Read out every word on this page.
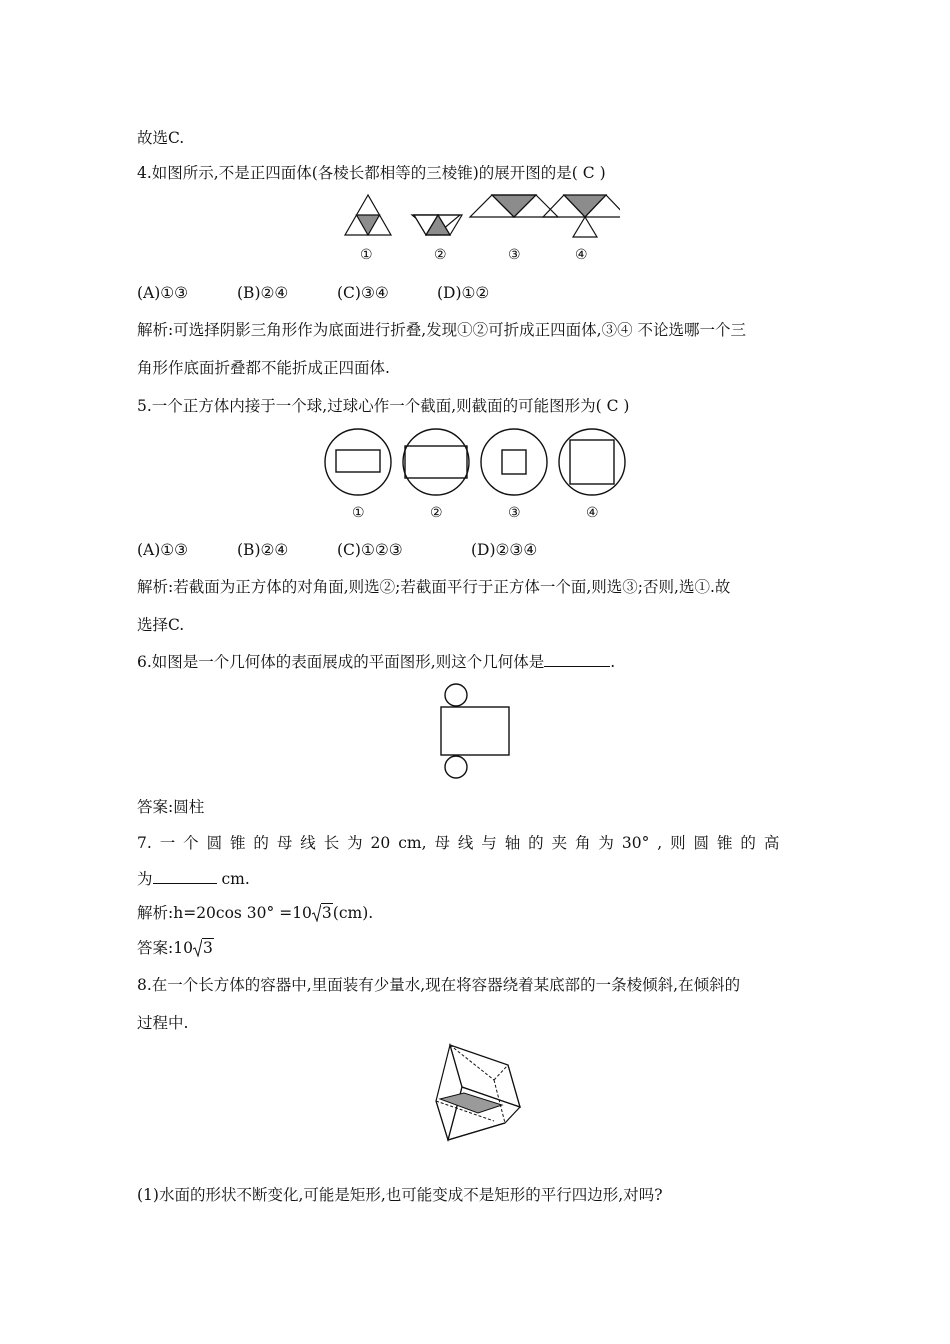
故选C.
4.如图所示,不是正四面体(各棱长都相等的三棱锥)的展开图的是( C )
①	②	③	④
(A)①③	(B)②④	(C)③④	(D)①②
解析:可选择阴影三角形作为底面进行折叠,发现①②可折成正四面体,③④ 不论选哪一个三
角形作底面折叠都不能折成正四面体.
5.一个正方体内接于一个球,过球心作一个截面,则截面的可能图形为( C )
①	②	③	④
(A)①③	(B)②④	(C)①②③	(D)②③④
解析:若截面为正方体的对角面,则选②;若截面平行于正方体一个面,则选③;否则,选①.故
选择C.
6.如图是一个几何体的表面展成的平面图形,则这个几何体是	.
答案:圆柱
7. 一 个 圆 锥 的 母 线 长 为 20 cm, 母 线 与 轴 的 夹 角 为 30° , 则 圆 锥 的 高
为	cm.
解析:h=20cos 30° =10 3(cm).
答案:10 3
8.在一个长方体的容器中,里面装有少量水,现在将容器绕着某底部的一条棱倾斜,在倾斜的
过程中.
(1)水面的形状不断变化,可能是矩形,也可能变成不是矩形的平行四边形,对吗?
